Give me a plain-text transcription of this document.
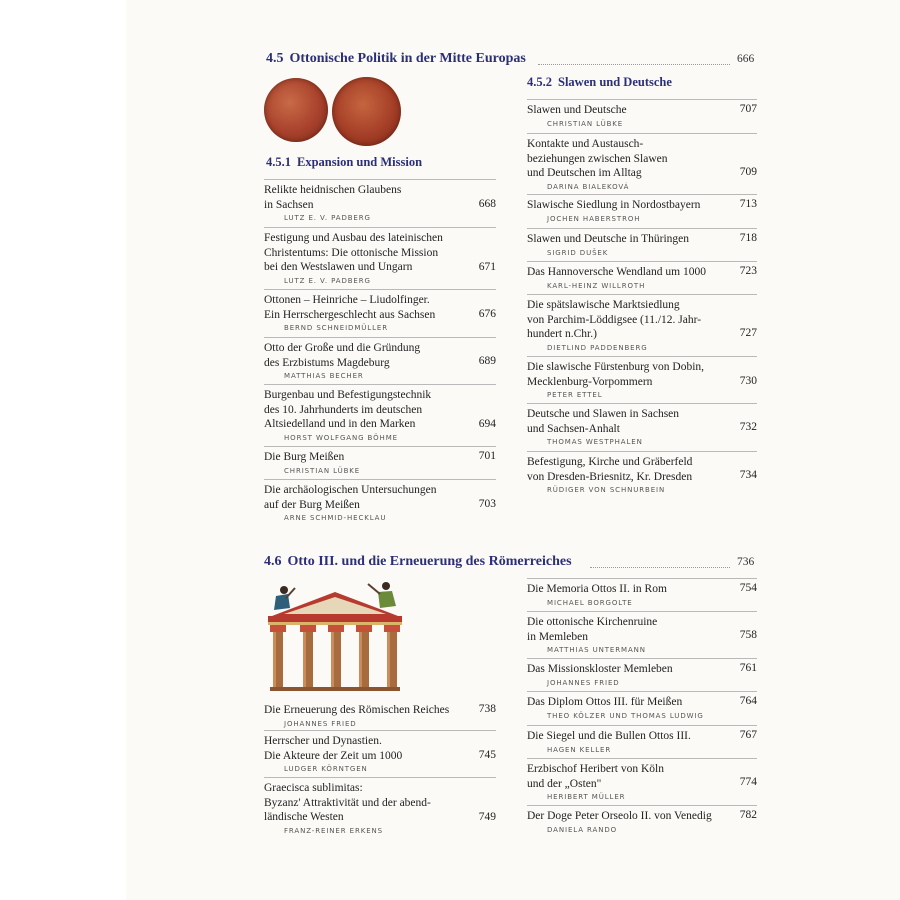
4.5 Ottonische Politik in der Mitte Europas	666
4.5.1 Expansion und Mission
4.5.2 Slawen und Deutsche
Relikte heidnischen Glaubens
in Sachsen
LUTZ E. V. PADBERG
668
Festigung und Ausbau des lateinischen
Christentums: Die ottonische Mission
bei den Westslawen und Ungarn
LUTZ E. V. PADBERG
671
Ottonen – Heinriche – Liudolfinger.
Ein Herrschergeschlecht aus Sachsen
BERND SCHNEIDMÜLLER
676
Otto der Große und die Gründung
des Erzbistums Magdeburg
MATTHIAS BECHER
689
Burgenbau und Befestigungstechnik
des 10. Jahrhunderts im deutschen
Altsiedelland und in den Marken
HORST WOLFGANG BÖHME
694
Die Burg Meißen
CHRISTIAN LÜBKE
701
Die archäologischen Untersuchungen
auf der Burg Meißen
ARNE SCHMID-HECKLAU
703
Slawen und Deutsche
CHRISTIAN LÜBKE
707
Kontakte und Austausch-
beziehungen zwischen Slawen
und Deutschen im Alltag
DARINA BIALEKOVÁ
709
Slawische Siedlung in Nordostbayern
JOCHEN HABERSTROH
713
Slawen und Deutsche in Thüringen
SIGRID DUŠEK
718
Das Hannoversche Wendland um 1000
KARL-HEINZ WILLROTH
723
Die spätslawische Marktsiedlung
von Parchim-Löddigsee (11./12. Jahr-
hundert n.Chr.)
DIETLIND PADDENBERG
727
Die slawische Fürstenburg von Dobin,
Mecklenburg-Vorpommern
PETER ETTEL
730
Deutsche und Slawen in Sachsen
und Sachsen-Anhalt
THOMAS WESTPHALEN
732
Befestigung, Kirche und Gräberfeld
von Dresden-Briesnitz, Kr. Dresden
RÜDIGER VON SCHNURBEIN
734
4.6 Otto III. und die Erneuerung des Römerreiches	736
Die Erneuerung des Römischen Reiches
JOHANNES FRIED
738
Herrscher und Dynastien.
Die Akteure der Zeit um 1000
LUDGER KÖRNTGEN
745
Graecisca sublimitas:
Byzanz' Attraktivität und der abend-
ländische Westen
FRANZ-REINER ERKENS
749
Die Memoria Ottos II. in Rom
MICHAEL BORGOLTE
754
Die ottonische Kirchenruine
in Memleben
MATTHIAS UNTERMANN
758
Das Missionskloster Memleben
JOHANNES FRIED
761
Das Diplom Ottos III. für Meißen
THEO KÖLZER UND THOMAS LUDWIG
764
Die Siegel und die Bullen Ottos III.
HAGEN KELLER
767
Erzbischof Heribert von Köln
und der „Osten"
HERIBERT MÜLLER
774
Der Doge Peter Orseolo II. von Venedig
DANIELA RANDO
782
